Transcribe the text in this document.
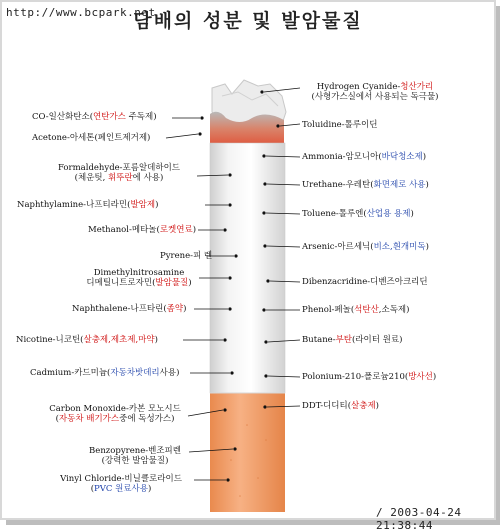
http://www.bcpark.net
담배의 성분 및 발암물질
CO-일산화탄소(연탄가스 주독제)
Acetone-아세톤(페인트제거제)
Formaldehyde-포름알데하이드
(체운팃, 휘뚜란에 사용)
Naphthylamine-나프티라민(발암제)
Methanol-메타놀(로켓연료)
Pyrene-피 렌
Dimethylnitrosamine
디메틸니트로자민(발암물질)
Naphthalene-나프타린(좀약)
Nicotine-니코틴(살충제,제초제,마약)
Cadmium-카드미늄(자동차밧데리사용)
Carbon Monoxide-카본 모노시드
(자동차 배기가스중에 독성가스)
Benzopyrene-벤조피렌
(강력한 발암물질)
Vinyl Chloride-비닐클로라이드
(PVC 원료사용)
Hydrogen Cyanide-청산가리
(사형가스실에서 사용되는 독극물)
Toluidine-톨루이딘
Ammonia-암모니아(바닥청소제)
Urethane-우레탄(화면제로 사용)
Toluene-톨루엔(산업용 용제)
Arsenic-아르세닉(비소,흰개미독)
Dibenzacridine-디벤즈아크리딘
Phenol-페놀(석탄산,소독제)
Butane-부탄(라이터 원료)
Polonium-210-폴로늄210(방사선)
DDT-디디티(살충제)
/ 2003-04-24 21:38:44
